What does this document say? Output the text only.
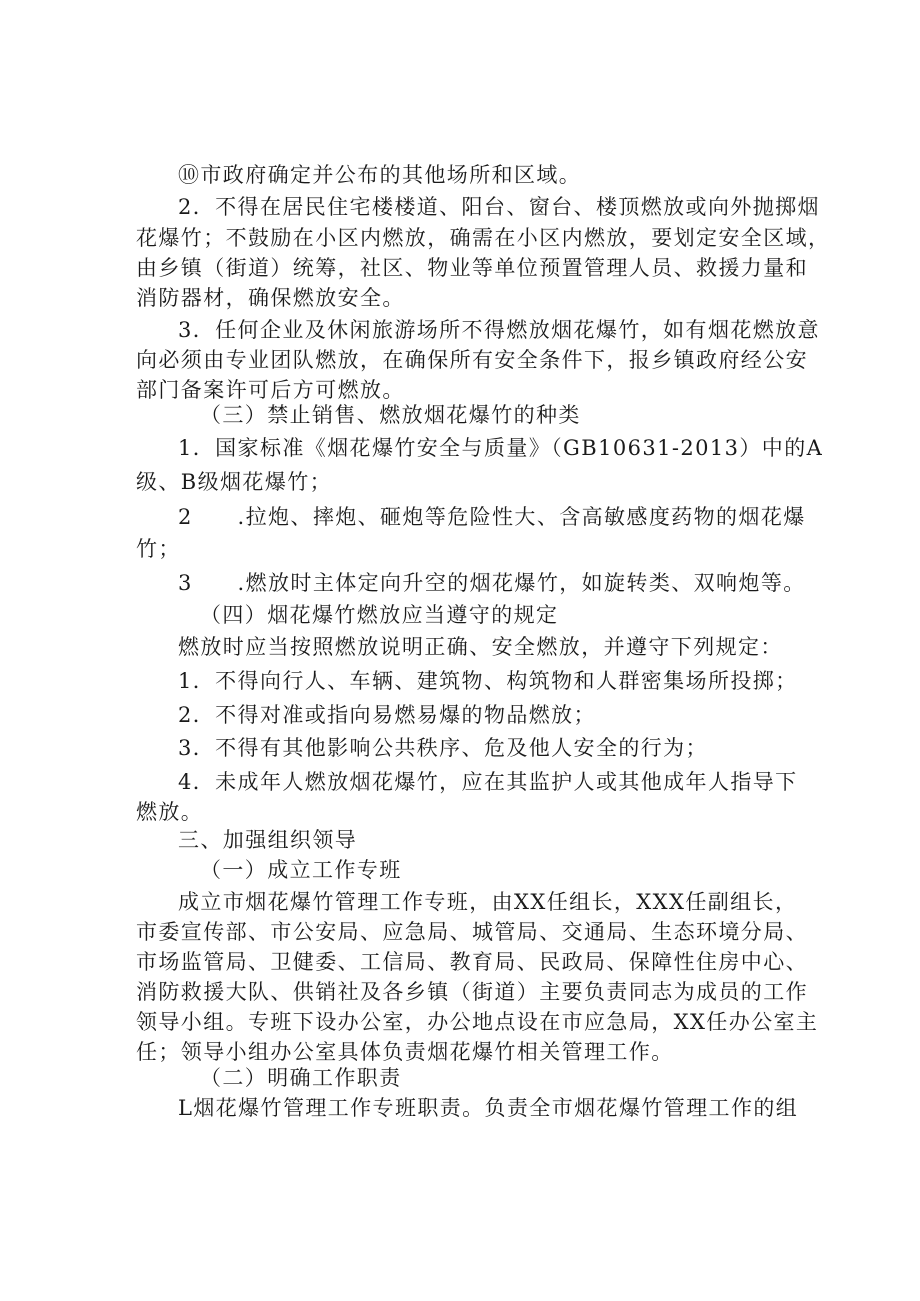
⑩市政府确定并公布的其他场所和区域。
2．不得在居民住宅楼楼道、阳台、窗台、楼顶燃放或向外抛掷烟
花爆竹；不鼓励在小区内燃放，确需在小区内燃放，要划定安全区域，
由乡镇（街道）统筹，社区、物业等单位预置管理人员、救援力量和
消防器材，确保燃放安全。
3．任何企业及休闲旅游场所不得燃放烟花爆竹，如有烟花燃放意
向必须由专业团队燃放，在确保所有安全条件下，报乡镇政府经公安
部门备案许可后方可燃放。
（三）禁止销售、燃放烟花爆竹的种类
1．国家标准《烟花爆竹安全与质量》（GB10631-2013）中的A
级、B级烟花爆竹；
2　　.拉炮、摔炮、砸炮等危险性大、含高敏感度药物的烟花爆
竹；
3　　.燃放时主体定向升空的烟花爆竹，如旋转类、双响炮等。
（四）烟花爆竹燃放应当遵守的规定
燃放时应当按照燃放说明正确、安全燃放，并遵守下列规定：
1．不得向行人、车辆、建筑物、构筑物和人群密集场所投掷；
2．不得对准或指向易燃易爆的物品燃放；
3．不得有其他影响公共秩序、危及他人安全的行为；
4．未成年人燃放烟花爆竹，应在其监护人或其他成年人指导下
燃放。
三、加强组织领导
（一）成立工作专班
成立市烟花爆竹管理工作专班，由XX任组长，XXX任副组长，
市委宣传部、市公安局、应急局、城管局、交通局、生态环境分局、
市场监管局、卫健委、工信局、教育局、民政局、保障性住房中心、
消防救援大队、供销社及各乡镇（街道）主要负责同志为成员的工作
领导小组。专班下设办公室，办公地点设在市应急局，XX任办公室主
任；领导小组办公室具体负责烟花爆竹相关管理工作。
（二）明确工作职责
L烟花爆竹管理工作专班职责。负责全市烟花爆竹管理工作的组
